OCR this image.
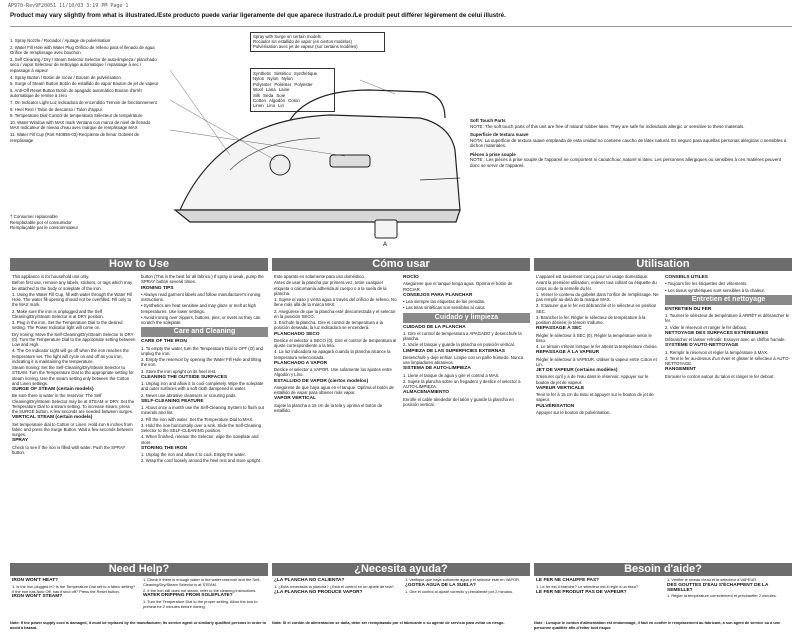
AP970-Rev9F20051 11/10/03 3:19 PM Page 1
Product may vary slightly from what is illustrated./Este producto puede variar ligeramente del que aparece ilustrado./Le produit peut différer légèrement de celui illustré.
1. Spray Nozzle / Rociador / Ajutage de pulvérisation
2. Water Fill Hole with Water Plug Orificio de relleno para el llenado de agua Orifice de remplissage avec bouchon
3. Self Cleaning / Dry / Steam Selector Selector de auto-limpieza / planchado seco / vapor Sélecteur de nettoyage automatique / repassage à sec / repassage à vapeur
4. Spray Button / Botón de rociar / Bouton de pulvérisation
5. Surge of Steam Button Botón de estallido de vapor Bouton de jet de vapeur
6. Anti-Off Reset Button Botón de apagado automático Bouton d'arrêt automatique de remise à zéro
7. On Indicator Light Luz indicadora de encendido Témoin de fonctionnement
8. Heel Rest / Talón de descanso / Talon d'appui
9. Temperature Dial Control de temperatura Sélecteur de température
10. Water Window with MAX mark Ventana con marca de nivel de llenado MAX Indicateur de niveau d'eau avec marque de remplissage MAX
11. Water Fill Cup (Part #40855-03) Recipiente de llenar Gobelet de remplissage
Spray with Surge on certain models
Rociador sin estallido de vapor (en ciertos modelos)
Pulvérisation avec jet de vapeur (sur certains modèles)
Synthetic Sintético Synthétique
Nylon Nylon Nylon
Polyester Poliéster Polyester
Wool Lana Laine
Silk Seda Soie
Cotton Algodón Coton
Linen Lino Lin
A
† Consumer replaceable
Remplazable por el consumidor
Remplaçable par le consommateur
Soft Touch Parts
NOTE: The soft touch parts of this unit are free of natural rubber latex. They are safe for individuals allergic or sensitive to these materials.
Superficie de textura suave
NOTA: La superficie de textura suave empleada de esta unidad no contiene caucho de látex natural. Es seguro para aquellas personas alérgicas o sensibles a dichos materiales.
Pièces à prise souple
NOTE : Les pièces à prise souple de l'appareil ne comportent ni caoutchouc naturel ni latex. Les personnes allergiques ou sensibles à ces matières peuvent donc se servir de l'appareil.
How to Use

This appliance is for household use only.

Before first use, remove any labels, stickers, or tags which may be attached to the body or soleplate of the iron.

1. Using the Water Fill Cup, fill with water through the Water Fill Hole. The water fill opening should not be overfilled. Fill only to the MAX mark.

2. Make sure the iron is unplugged and the Self Cleaning/Dry/Steam Selector is at DRY position.

3. Plug in the iron. Set the Temperature Dial to the desired setting. The Power Indicator light will come on.

Dry Ironing: Move the Self-Cleaning/Dry/Steam Selector to DRY (0). Turn the Temperature Dial to the appropriate setting between Low and High.

4. The On Indicator Light will go off when the iron reaches the temperature set. The light will cycle on and off as you iron, indicating it is maintaining the temperature.

Steam Ironing: Set the Self-Cleaning/Dry/Steam Selector to STEAM. Turn the Temperature Dial to the appropriate setting for steam ironing. Use the steam setting only between the Cotton and Linen settings.

SURGE OF STEAM (certain models)

Be sure there is water in the reservoir. The Self Cleaning/Dry/Steam Selector may be at STEAM or DRY. Set the Temperature Dial to a steam setting. To increase steam, press the SURGE button. A few seconds are needed between surges.

VERTICAL STEAM (certain models)

Set temperature dial to Cotton or Linen. Hold iron 6 inches from fabric and press the Surge Button. Wait a few seconds between surges.

SPRAY

Check to see if the iron is filled with water. Push the SPRAY button.

button (This is the best for all fabrics.) If spray is weak, pump the SPRAY button several times.

IRONING TIPS

• Always read garment labels and follow manufacturer's ironing instructions.

• Synthetics are heat sensitive and may glaze or melt at high temperatures. Use lower settings.

• Avoid ironing over zippers, buttons, pins, or rivets as they can scratch the soleplate.

Care and Cleaning

CARE OF THE IRON

1. To empty the water, turn the Temperature Dial to OFF (O) and unplug the iron.

2. Empty the reservoir by opening the Water Fill Hole and tilting the iron.

3. Store the iron upright on its heel rest.

CLEANING THE OUTSIDE SURFACES

1. Unplug iron and allow it to cool completely. Wipe the soleplate and outer surfaces with a soft cloth dampened in water.

2. Never use abrasive cleansers or scouring pads.

SELF-CLEANING FEATURE

1. About once a month use the Self-Cleaning System to flush out minerals and lint.

2. Fill the iron with water. Set the Temperature Dial to MAX.

3. Hold the iron horizontally over a sink. Slide the Self-Cleaning Selector to the SELF-CLEANING position.

4. When finished, release the Selector, wipe the soleplate and store.

STORING THE IRON

1. Unplug the iron and allow it to cool. Empty the water.

2. Wrap the cord loosely around the heel rest and store upright.

Need Help?

IRON WON'T HEAT?

1. Is the iron plugged in? Is the Temperature Dial set to a fabric setting? If the iron has Auto Off, has it shut off? Press the Reset button.

IRON WON'T STEAM?

1. Check if there is enough water in the water reservoir and the Self-Cleaning/Dry/Steam Selector is at STEAM.

2. If the iron still does not steam, refer to the cleaning instructions.

WATER DRIPPING FROM SOLEPLATE?

1. Turn the Temperature Dial to the proper setting. Allow the iron to preheat for 2 minutes before ironing.

Note: If the power supply cord is damaged, it must be replaced by the manufacturer, its service agent or similarly qualified persons in order to avoid a hazard.
Cómo usar

Este aparato es solamente para uso doméstico.

Antes de usar la plancha por primera vez, retire cualquier etiqueta o calcomanía adherida al cuerpo o a la suela de la plancha.

1. Sujete el vaso y vierta agua a través del orificio de relleno. No llene más allá de la marca MAX.

2. Asegúrese de que la plancha esté desconectada y el selector en la posición SECO.

3. Enchufe la plancha. Gire el control de temperatura a la posición deseada; la luz indicadora se encenderá.

PLANCHADO SECO

Deslice el selector a SECO (0). Gire el control de temperatura al ajuste correspondiente a la tela.

4. La luz indicadora se apagará cuando la plancha alcance la temperatura seleccionada.

PLANCHADO A VAPOR

Deslice el selector a VAPOR. Use solamente los ajustes entre Algodón y Lino.

ESTALLIDO DE VAPOR (ciertos modelos)

Asegúrese de que haya agua en el tanque. Oprima el botón de estallido de vapor para obtener más vapor.

VAPOR VERTICAL

Sujete la plancha a 15 cm de la tela y oprima el botón de estallido.

ROCÍO

Asegúrese que el tanque tenga agua. Oprima el botón de ROCIAR.

CONSEJOS PARA PLANCHAR

• Lea siempre las etiquetas de las prendas.

• Las telas sintéticas son sensibles al calor.

Cuidado y limpieza

CUIDADO DE LA PLANCHA

1. Gire el control de temperatura a APAGADO y desenchufe la plancha.

2. Vacíe el tanque y guarde la plancha en posición vertical.

LIMPIEZA DE LAS SUPERFICIES EXTERNAS

Desenchufe y deje enfriar. Limpie con un paño húmedo. Nunca use limpiadores abrasivos.

SISTEMA DE AUTO-LIMPIEZA

1. Llene el tanque de agua y gire el control a MAX.

2. Sujete la plancha sobre un fregadero y deslice el selector a AUTO-LIMPIEZA.

ALMACENAMIENTO

Enrolle el cable alrededor del talón y guarde la plancha en posición vertical.

¿Necesita ayuda?

¿LA PLANCHA NO CALIENTA?

1. ¿Está conectada la plancha? ¿Está el control en un ajuste de tela?

¿LA PLANCHA NO PRODUCE VAPOR?

1. Verifique que haya suficiente agua y el selector esté en VAPOR.

¿GOTEA AGUA DE LA SUELA?

1. Gire el control al ajuste correcto y precaliente por 2 minutos.

Nota: Si el cordón de alimentación se daña, debe ser reemplazado por el fabricante o su agente de servicio para evitar un riesgo.
Utilisation

L'appareil est seulement conçu pour un usage domestique.

Avant la première utilisation, enlever tout collant ou étiquette du corps ou de la semelle du fer.

1. Verser le contenu du gobelet dans l'orifice de remplissage. Ne pas remplir au-delà de la marque MAX.

2. S'assurer que le fer est débranché et le sélecteur en position SEC.

3. Brancher le fer. Régler le sélecteur de température à la position désirée; le témoin s'allume.

REPASSAGE À SEC

Régler le sélecteur à SEC (0). Régler la température selon le tissu.

4. Le témoin s'éteint lorsque le fer atteint la température choisie.

REPASSAGE À LA VAPEUR

Régler le sélecteur à VAPEUR. Utiliser la vapeur entre Coton et Lin.

JET DE VAPEUR (certains modèles)

S'assurer qu'il y a de l'eau dans le réservoir. Appuyer sur le bouton de jet de vapeur.

VAPEUR VERTICALE

Tenir le fer à 15 cm du tissu et appuyer sur le bouton de jet de vapeur.

PULVÉRISATION

Appuyer sur le bouton de pulvérisation.

CONSEILS UTILES

• Toujours lire les étiquettes des vêtements.

• Les tissus synthétiques sont sensibles à la chaleur.

Entretien et nettoyage

ENTRETIEN DU FER

1. Tourner le sélecteur de température à ARRÊT et débrancher le fer.

2. Vider le réservoir et ranger le fer debout.

NETTOYAGE DES SURFACES EXTÉRIEURES

Débrancher et laisser refroidir. Essuyer avec un chiffon humide.

SYSTÈME D'AUTO-NETTOYAGE

1. Remplir le réservoir et régler la température à MAX.

2. Tenir le fer au-dessus d'un évier et glisser le sélecteur à AUTO-NETTOYAGE.

RANGEMENT

Enrouler le cordon autour du talon et ranger le fer debout.

Besoin d'aide?

LE FER NE CHAUFFE PAS?

1. Le fer est-il branché? Le sélecteur est-il réglé à un tissu?

LE FER NE PRODUIT PAS DE VAPEUR?

1. Vérifier le niveau d'eau et le sélecteur à VAPEUR.

DES GOUTTES D'EAU S'ÉCHAPPENT DE LA SEMELLE?

1. Régler la température correctement et préchauffer 2 minutes.

Note : Lorsque le cordon d'alimentation est endommagé, il faut en confier le remplacement au fabricant, à son agent de service ou à une personne qualifiée afin d'éviter tout risque.
